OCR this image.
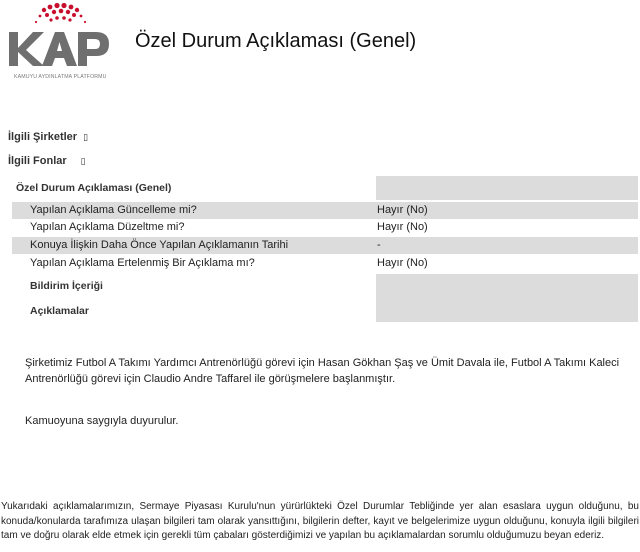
KAMUYU AYDINLATMA PLATFORMU
Özel Durum Açıklaması (Genel)
İlgili Şirketler ▯
İlgili Fonlar ▯
Özel Durum Açıklaması (Genel)
Yapılan Açıklama Güncelleme mi?	Hayır (No)
Yapılan Açıklama Düzeltme mi?	Hayır (No)
Konuya İlişkin Daha Önce Yapılan Açıklamanın Tarihi	-
Yapılan Açıklama Ertelenmiş Bir Açıklama mı?	Hayır (No)
Bildirim İçeriği
Açıklamalar
Şirketimiz Futbol A Takımı Yardımcı Antrenörlüğü görevi için Hasan Gökhan Şaş ve Ümit Davala ile, Futbol A Takımı Kaleci Antrenörlüğü görevi için Claudio Andre Taffarel ile görüşmelere başlanmıştır.
Kamuoyuna saygıyla duyurulur.
Yukarıdaki açıklamalarımızın, Sermaye Piyasası Kurulu'nun yürürlükteki Özel Durumlar Tebliğinde yer alan esaslara uygun olduğunu, bu konuda/konularda tarafımıza ulaşan bilgileri tam olarak yansıttığını, bilgilerin defter, kayıt ve belgelerimize uygun olduğunu, konuyla ilgili bilgileri tam ve doğru olarak elde etmek için gerekli tüm çabaları gösterdiğimizi ve yapılan bu açıklamalardan sorumlu olduğumuzu beyan ederiz.
